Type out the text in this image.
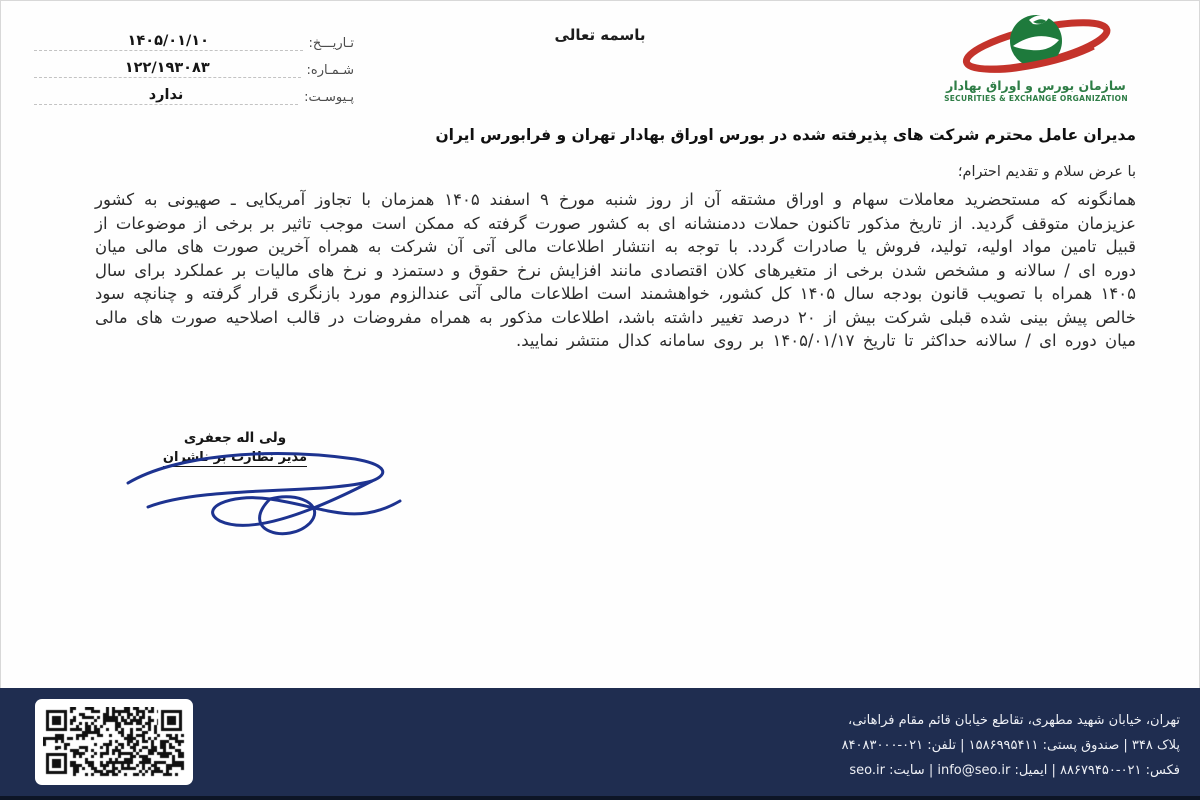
تـاریـــخ:
۱۴۰۵/۰۱/۱۰
شـمـاره:
۱۲۲/۱۹۳۰۸۳
پـیوسـت:
ندارد
باسمه تعالی
سازمان بورس و اوراق بهادار
SECURITIES & EXCHANGE ORGANIZATION
مدیران عامل محترم شرکت های پذیرفته شده در بورس اوراق بهادار تهران و فرابورس ایران
با عرض سلام و تقدیم احترام؛
همانگونه که مستحضرید معاملات سهام و اوراق مشتقه آن از روز شنبه مورخ ۹ اسفند ۱۴۰۵ همزمان با تجاوز آمریکایی ـ صهیونی به کشور عزیزمان متوقف گردید. از تاریخ مذکور تاکنون حملات ددمنشانه ای به کشور صورت گرفته که ممکن است موجب تاثیر بر برخی از موضوعات از قبیل تامین مواد اولیه، تولید، فروش یا صادرات گردد. با توجه به انتشار اطلاعات مالی آتی آن شرکت به همراه آخرین صورت های مالی میان دوره ای / سالانه و مشخص شدن برخی از متغیرهای کلان اقتصادی مانند افزایش نرخ حقوق و دستمزد و نرخ های مالیات بر عملکرد برای سال ۱۴۰۵ همراه با تصویب قانون بودجه سال ۱۴۰۵ کل کشور، خواهشمند است اطلاعات مالی آتی عندالزوم مورد بازنگری قرار گرفته و چنانچه سود خالص پیش بینی شده قبلی شرکت بیش از ۲۰ درصد تغییر داشته باشد، اطلاعات مذکور به همراه مفروضات در قالب اصلاحیه صورت های مالی میان دوره ای / سالانه حداکثر تا تاریخ ۱۴۰۵/۰۱/۱۷ بر روی سامانه کدال منتشر نمایید.
ولی اله جعفری
مدیر نظارت بر ناشران
تهران، خیابان شهید مطهری، تقاطع خیابان قائم مقام فراهانی،
پلاک ۳۴۸ | صندوق پستی: ۱۵۸۶۹۹۵۴۱۱ | تلفن: ۰۲۱-۸۴۰۸۳۰۰۰
فکس: ۰۲۱-۸۸۶۷۹۴۵۰ | ایمیل: info@seo.ir | سایت: seo.ir
